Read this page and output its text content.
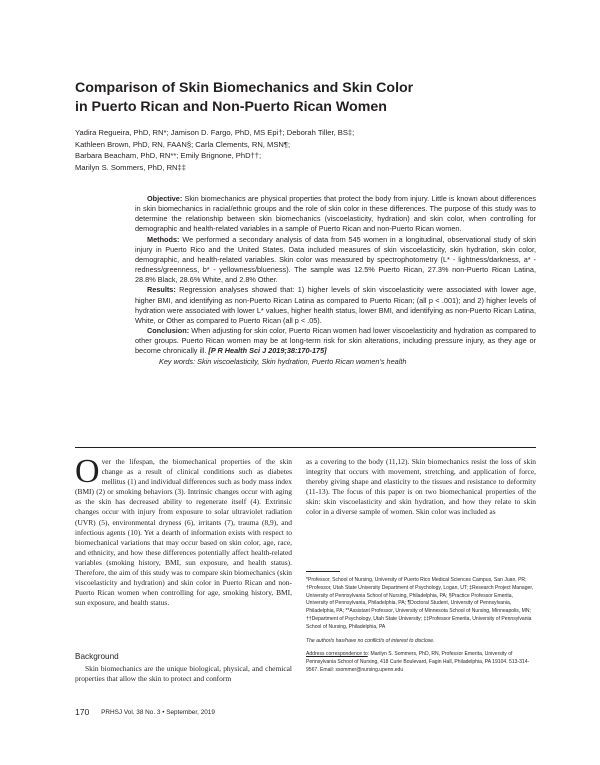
Comparison of Skin Biomechanics and Skin Color
in Puerto Rican and Non-Puerto Rican Women
Yadira Regueira, PhD, RN*; Jamison D. Fargo, PhD, MS Epi†; Deborah Tiller, BS‡;
Kathleen Brown, PhD, RN, FAAN§; Carla Clements, RN, MSN¶;
Barbara Beacham, PhD, RN**; Emily Brignone, PhD††;
Marilyn S. Sommers, PhD, RN‡‡

Objective: Skin biomechanics are physical properties that protect the body from injury. Little is known about differences in skin biomechanics in racial/ethnic groups and the role of skin color in these differences. The purpose of this study was to determine the relationship between skin biomechanics (viscoelasticity, hydration) and skin color, when controlling for demographic and health-related variables in a sample of Puerto Rican and non-Puerto Rican women.

Methods: We performed a secondary analysis of data from 545 women in a longitudinal, observational study of skin injury in Puerto Rico and the United States. Data included measures of skin viscoelasticity, skin hydration, skin color, demographic, and health-related variables. Skin color was measured by spectrophotometry (L* - lightness/darkness, a* - redness/greenness, b* - yellowness/blueness). The sample was 12.5% Puerto Rican, 27.3% non-Puerto Rican Latina, 28.8% Black, 28.6% White, and 2.8% Other.

Results: Regression analyses showed that: 1) higher levels of skin viscoelasticity were associated with lower age, higher BMI, and identifying as non-Puerto Rican Latina as compared to Puerto Rican; (all p < .001); and 2) higher levels of hydration were associated with lower L* values, higher health status, lower BMI, and identifying as non-Puerto Rican Latina, White, or Other as compared to Puerto Rican (all p < .05).

Conclusion: When adjusting for skin color, Puerto Rican women had lower viscoelasticity and hydration as compared to other groups. Puerto Rican women may be at long-term risk for skin alterations, including pressure injury, as they age or become chronically ill. [P R Health Sci J 2019;38:170-175]

Key words: Skin viscoelasticity, Skin hydration, Puerto Rican women's health

Over the lifespan, the biomechanical properties of the skin change as a result of clinical conditions such as diabetes mellitus (1) and individual differences such as body mass index (BMI) (2) or smoking behaviors (3). Intrinsic changes occur with aging as the skin has decreased ability to regenerate itself (4). Extrinsic changes occur with injury from exposure to solar ultraviolet radiation (UVR) (5), environmental dryness (6), irritants (7), trauma (8,9), and infectious agents (10). Yet a dearth of information exists with respect to biomechanical variations that may occur based on skin color, age, race, and ethnicity, and how these differences potentially affect health-related variables (smoking history, BMI, sun exposure, and health status). Therefore, the aim of this study was to compare skin biomechanics (skin viscoelasticity and hydration) and skin color in Puerto Rican and non-Puerto Rican women when controlling for age, smoking history, BMI, sun exposure, and health status.

Background

Skin biomechanics are the unique biological, physical, and chemical properties that allow the skin to protect and conform

as a covering to the body (11,12). Skin biomechanics resist the loss of skin integrity that occurs with movement, stretching, and application of force, thereby giving shape and elasticity to the tissues and resistance to deformity (11-13). The focus of this paper is on two biomechanical properties of the skin: skin viscoelasticity and skin hydration, and how they relate to skin color in a diverse sample of women. Skin color was included as

*Professor, School of Nursing, University of Puerto Rico Medical Sciences Campus, San Juan, PR; †Professor, Utah State University Department of Psychology, Logan, UT; ‡Research Project Manager, University of Pennsylvania School of Nursing, Philadelphia, PA; §Practice Professor Emerita, University of Pennsylvania, Philadelphia, PA; ¶Doctoral Student, University of Pennsylvania, Philadelphia, PA; **Assistant Professor, University of Minnesota School of Nursing, Minneapolis, MN; ††Department of Psychology, Utah State University; ‡‡Professor Emerita, University of Pennsylvania School of Nursing, Philadelphia, PA

The author/s has/have no conflict/s of interest to disclose.

Address correspondence to: Marilyn S. Sommers, PhD, RN, Professor Emerita, University of Pennsylvania School of Nursing, 418 Curie Boulevard, Fagin Hall, Philadelphia, PA 19104. 513-314-9567. Email: ssommer@nursing.upenn.edu

170 PRHSJ Vol. 38 No. 3 • September, 2019
